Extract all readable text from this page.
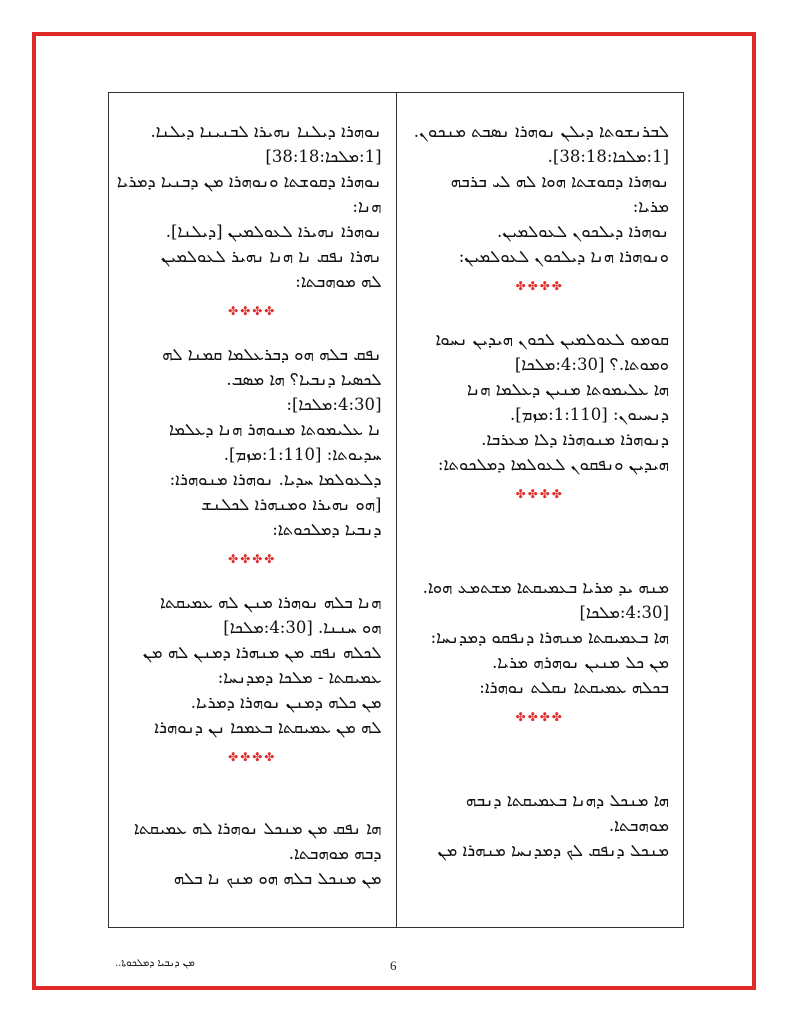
ܠܒܪܢܫܘܬܐ ܕܝܠܢ ܢܘܗܪܐ ܢܣܒܬ ܡܢܟܘܢ.
[1:ܡܠܟܐ:38:18].
ܢܘܗܪܐ ܕܩܘܫܬܐ ܗܘܐ ܠܗ ܠܝ ܒܪܒܗ
ܡܪܝܐ:
ܢܘܗܪܐ ܕܝܠܟܘܢ ܠܥܘܠܡܝܢ.
ܘܢܘܗܪܐ ܗܢܐ ܕܝܠܟܘܢ ܠܥܘܠܡܝܢ:
✤✤✤✤
ܩܘܡܘ ܠܥܘܠܡܝܢ ܠܟܘܢ ܗܝܕܝܢ ܢܚܘܐ
ܘܡܘܬܐ.؟ [4:30:ܡܠܟܐ]
ܗܐ ܥܠܝܡܘܬܐ ܡܢܝܢ ܕܥܠܡܐ ܗܢܐ
ܕܢܚܝܘܢ: [1:110:ܡܙܡ].
ܕܢܘܗܪܐ ܡܢܘܗܪܐ ܕܠܐ ܡܥܪܒܐ.
ܗܝܕܝܢ ܘܢܦܩܘܢ ܠܥܘܠܡܐ ܕܡܠܟܘܬܐ:
✤✤✤✤
ܡܢܗ ܝܕ ܡܪܝܐ ܒܥܡܝܩܬܐ ܡܫܬܡܥ ܗܘܐ.
[4:30:ܡܠܟܐ]
ܗܐ ܒܥܡܝܩܬܐ ܡܢܗܪܐ ܕܢܦܩܘ ܕܡܕܢܚܐ:
ܡܢ ܟܠ ܡܢܝܢ ܢܘܗܪܗ ܡܪܝܐ.
ܒܟܠܗ ܥܡܝܩܬܐ ܢܩܠܬ ܢܘܗܪܐ:
✤✤✤✤
ܗܐ ܡܢܟܠ ܕܗܢܐ ܒܥܡܝܩܬܐ ܕܢܒܗ
ܡܘܗܒܬܐ.
ܡܢܟܠ ܕܢܦܩ ܠܟ ܕܡܕܢܚܐ ܡܢܗܪܐ ܡܢ
ܢܘܗܪܐ ܕܝܠܢܐ ܢܗܝܪܐ ܠܒܢܝܢܐ ܕܝܠܢܐ.
[1:ܡܠܟܐ:38:18]
ܢܘܗܪܐ ܕܩܘܫܬܐ ܘܢܘܗܪܐ ܡܢ ܕܒܢܝܐ ܕܡܪܝܐ
ܗܢܐ:
ܢܘܗܪܐ ܢܗܝܪܐ ܠܥܘܠܡܝܢ [ܕܝܠܢܐ].
ܢܗܪܐ ܢܦܩ ܢܐ ܗܢܐ ܢܗܝܪ ܠܥܘܠܡܝܢ
ܠܗ ܡܘܗܒܬܐ:
✤✤✤✤
ܢܦܩ ܒܠܗ ܗܘ ܕܒܪܥܠܡܐ ܩܡܢܐ ܠܗ
ܠܟܣܝܐ ܕܢܒܝܐ؟ ܗܐ ܡܣܒ.
[4:30:ܡܠܟܐ]:
ܢܐ ܥܠܝܡܘܬܐ ܡܢܘܗܪ ܗܢܐ ܕܥܠܡܐ
ܚܕܝܘܬܐ: [1:110:ܡܙܡ].
ܕܠܥܘܠܡܐ ܚܕܝܐ. ܢܘܗܪܐ ܡܢܘܗܪܐ:
[ܗܘ ܢܗܝܪܐ ܘܡܢܗܪܐ ܠܟܠܢܫ
ܕܢܒܝܐ ܕܡܠܟܘܬܐ:
✤✤✤✤
ܗܢܐ ܒܠܗ ܢܘܗܪܐ ܡܢܢ ܠܗ ܥܡܝܩܬܐ
ܗܘ ܚܢܢܐ. [4:30:ܡܠܟܐ]
ܠܟܠܗ ܢܦܩ ܡܢ ܡܢܗܪܐ ܕܡܢܢ ܠܗ ܡܢ
ܥܡܝܩܬܐ - ܡܠܟܐ ܕܡܕܢܚܐ:
ܡܢ ܟܠܗ ܕܡܢܢ ܢܘܗܪܐ ܕܡܪܝܐ.
ܠܗ ܡܢ ܥܡܝܩܬܐ ܒܥܡܟܐ ܢܢ ܕܢܘܗܪܐ
✤✤✤✤
ܗܐ ܢܦܩ ܡܢ ܡܢܟܠ ܢܘܗܪܐ ܠܗ ܥܡܝܩܬܐ
ܕܒܗ ܡܘܗܒܬܐ.
ܡܢ ܡܢܟܠ ܒܠܗ ܗܘ ܡܢܟ ܢܐ ܒܠܗ
ܡܢ ܕܢܒܝܐ ܕܡܠܟܘܬܐ..	6
